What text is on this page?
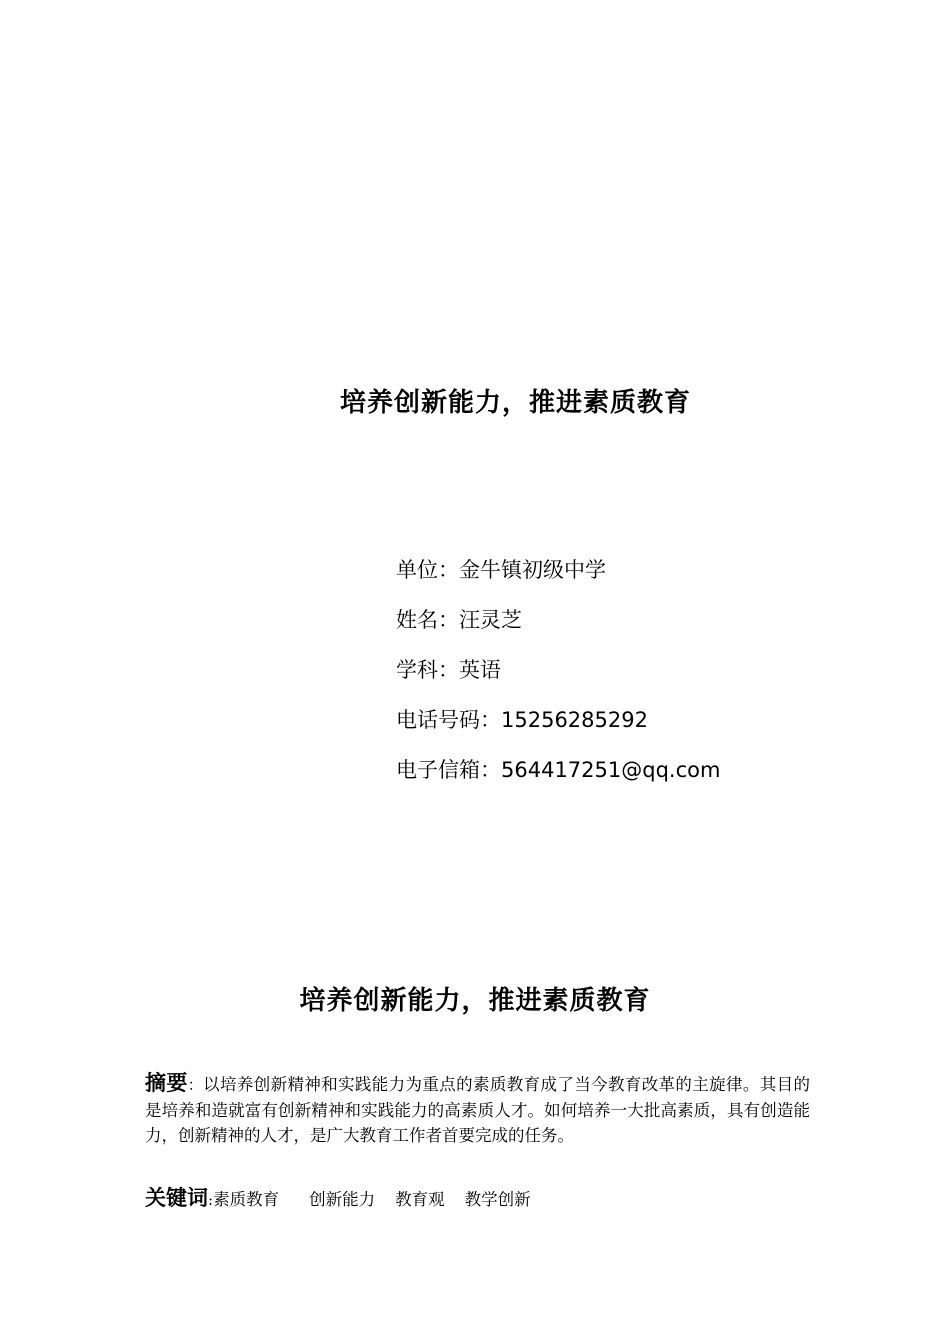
培养创新能力，推进素质教育
单位：金牛镇初级中学
姓名：汪灵芝
学科：英语
电话号码：15256285292
电子信箱：564417251@qq.com
培养创新能力，推进素质教育
摘要：以培养创新精神和实践能力为重点的素质教育成了当今教育改革的主旋律。其目的是培养和造就富有创新精神和实践能力的高素质人才。如何培养一大批高素质，具有创造能力，创新精神的人才，是广大教育工作者首要完成的任务。
关键词:素质教育 创新能力 教育观 教学创新
